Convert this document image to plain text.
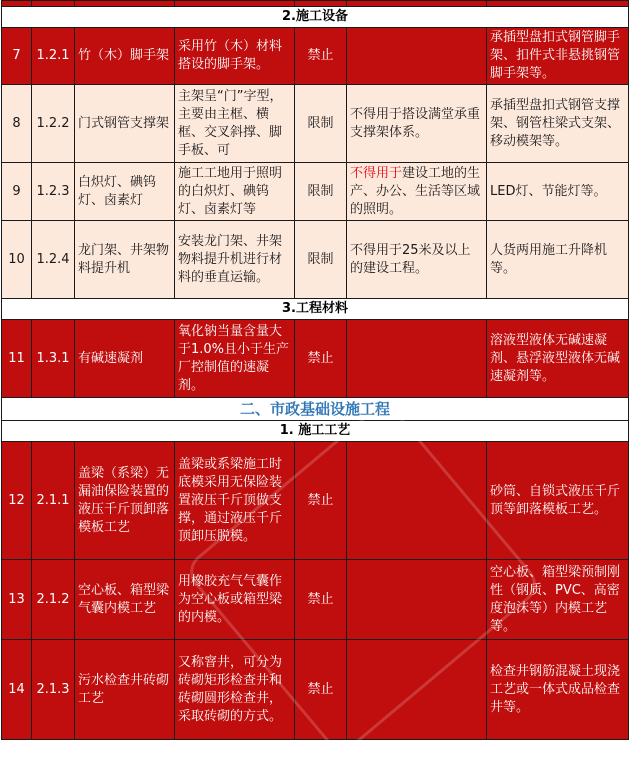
2.施工设备						
7	1.2.1	竹（木）脚手架	采用竹（木）材料搭设的脚手架。	禁止		承插型盘扣式钢管脚手架、扣件式非悬挑钢管脚手架等。
8	1.2.2	门式钢管支撑架	主架呈“门”字型，主要由主框、横框、交叉斜撑、脚手板、可	限制	不得用于搭设满堂承重支撑架体系。	承插型盘扣式钢管支撑架、钢管柱梁式支架、移动模架等。
9	1.2.3	白炽灯、碘钨灯、卤素灯	施工工地用于照明的白炽灯、碘钨灯、卤素灯等	限制	不得用于建设工地的生产、办公、生活等区域的照明。	LED灯、节能灯等。
10	1.2.4	龙门架、井架物料提升机	安装龙门架、井架物料提升机进行材料的垂直运输。	限制	不得用于25米及以上的建设工程。	人货两用施工升降机等。
3.工程材料						
11	1.3.1	有碱速凝剂	氧化钠当量含量大于1.0%且小于生产厂控制值的速凝剂。	禁止		溶液型液体无碱速凝剂、悬浮液型液体无碱速凝剂等。
二、市政基础设施工程						
1. 施工工艺						
12	2.1.1	盖梁（系梁）无漏油保险装置的液压千斤顶卸落模板工艺	盖梁或系梁施工时底模采用无保险装置液压千斤顶做支撑，通过液压千斤顶卸压脱模。	禁止		砂筒、自锁式液压千斤顶等卸落模板工艺。
13	2.1.2	空心板、箱型梁气囊内模工艺	用橡胶充气气囊作为空心板或箱型梁的内模。	禁止		空心板、箱型梁预制刚性（钢质、PVC、高密度泡沫等）内模工艺等。
14	2.1.3	污水检查井砖砌工艺	又称窨井，可分为砖砌矩形检查井和砖砌圆形检查井，采取砖砌的方式。	禁止		检查井钢筋混凝土现浇工艺或一体式成品检查井等。
